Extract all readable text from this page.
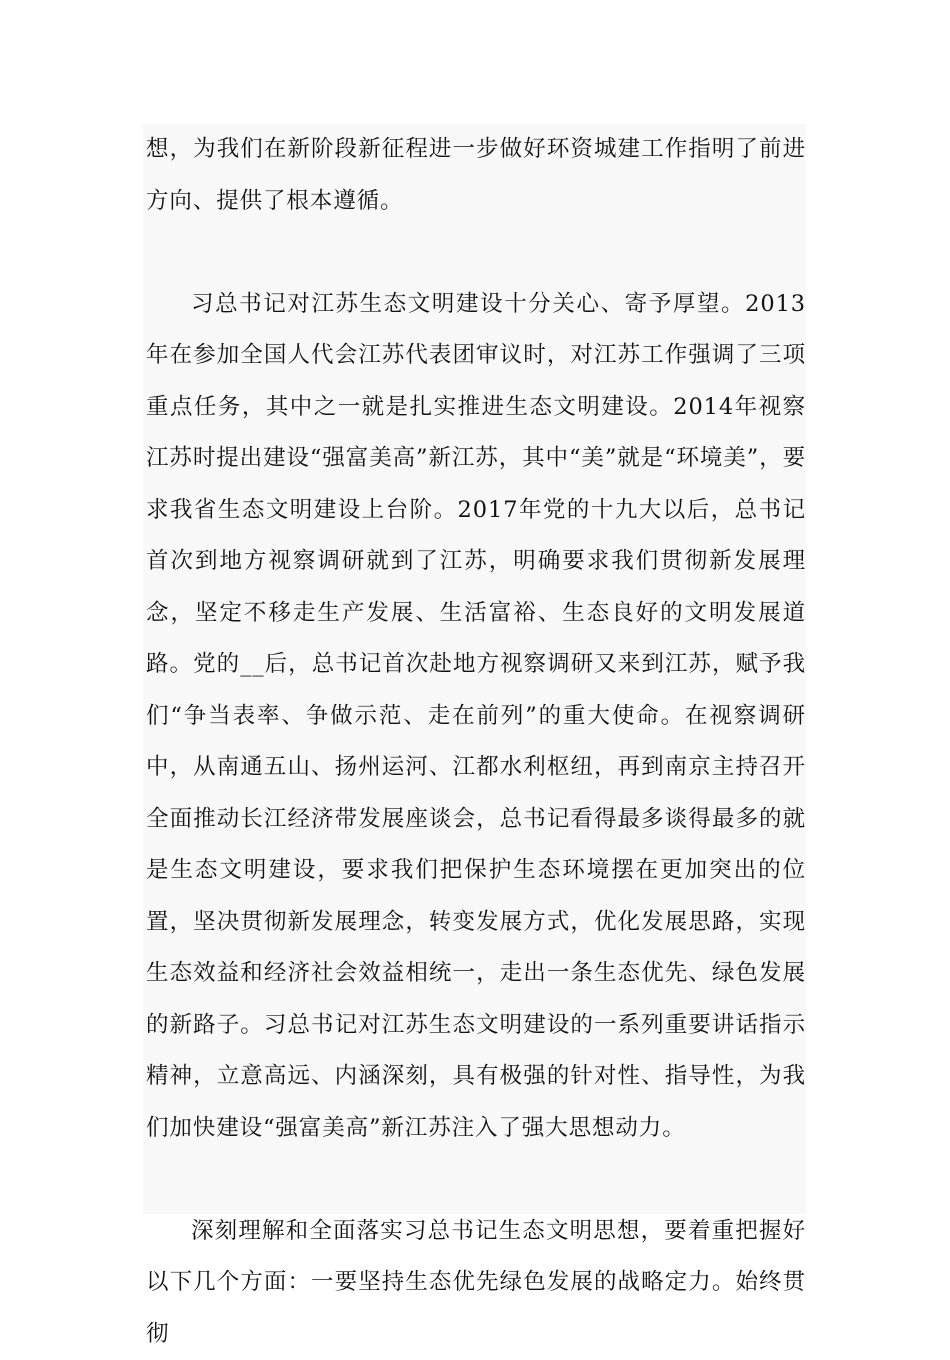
想，为我们在新阶段新征程进一步做好环资城建工作指明了前进方向、提供了根本遵循。

习总书记对江苏生态文明建设十分关心、寄予厚望。2013年在参加全国人代会江苏代表团审议时，对江苏工作强调了三项重点任务，其中之一就是扎实推进生态文明建设。2014年视察江苏时提出建设“强富美高”新江苏，其中“美”就是“环境美”，要求我省生态文明建设上台阶。2017年党的十九大以后，总书记首次到地方视察调研就到了江苏，明确要求我们贯彻新发展理念，坚定不移走生产发展、生活富裕、生态良好的文明发展道路。党的__后，总书记首次赴地方视察调研又来到江苏，赋予我们“争当表率、争做示范、走在前列”的重大使命。在视察调研中，从南通五山、扬州运河、江都水利枢纽，再到南京主持召开全面推动长江经济带发展座谈会，总书记看得最多谈得最多的就是生态文明建设，要求我们把保护生态环境摆在更加突出的位置，坚决贯彻新发展理念，转变发展方式，优化发展思路，实现生态效益和经济社会效益相统一，走出一条生态优先、绿色发展的新路子。习总书记对江苏生态文明建设的一系列重要讲话指示精神，立意高远、内涵深刻，具有极强的针对性、指导性，为我们加快建设“强富美高”新江苏注入了强大思想动力。

深刻理解和全面落实习总书记生态文明思想，要着重把握好以下几个方面：一要坚持生态优先绿色发展的战略定力。始终贯彻
